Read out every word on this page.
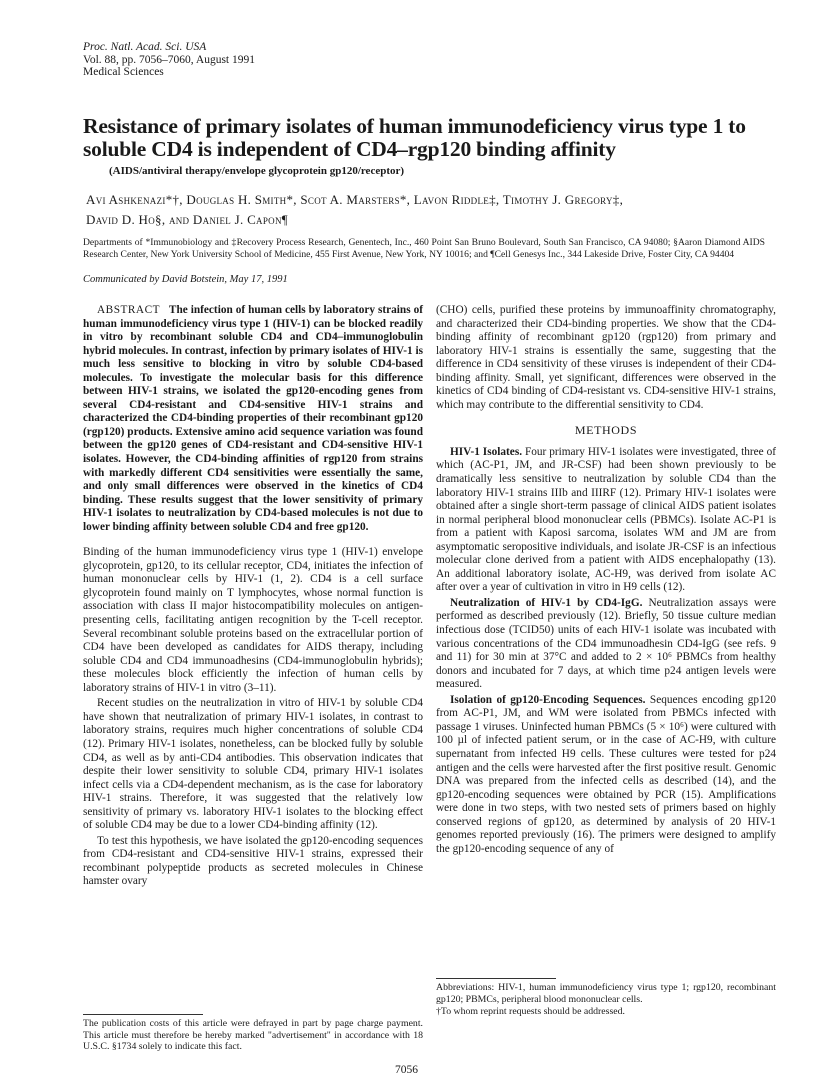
Proc. Natl. Acad. Sci. USA
Vol. 88, pp. 7056–7060, August 1991
Medical Sciences
Resistance of primary isolates of human immunodeficiency virus type 1 to soluble CD4 is independent of CD4–rgp120 binding affinity
(AIDS/antiviral therapy/envelope glycoprotein gp120/receptor)
Avi Ashkenazi*†, Douglas H. Smith*, Scot A. Marsters*, Lavon Riddle‡, Timothy J. Gregory‡,
David D. Ho§, and Daniel J. Capon¶
Departments of *Immunobiology and ‡Recovery Process Research, Genentech, Inc., 460 Point San Bruno Boulevard, South San Francisco, CA 94080; §Aaron Diamond AIDS Research Center, New York University School of Medicine, 455 First Avenue, New York, NY 10016; and ¶Cell Genesys Inc., 344 Lakeside Drive, Foster City, CA 94404
Communicated by David Botstein, May 17, 1991

ABSTRACT The infection of human cells by laboratory strains of human immunodeficiency virus type 1 (HIV-1) can be blocked readily in vitro by recombinant soluble CD4 and CD4–immunoglobulin hybrid molecules. In contrast, infection by primary isolates of HIV-1 is much less sensitive to blocking in vitro by soluble CD4-based molecules. To investigate the molecular basis for this difference between HIV-1 strains, we isolated the gp120-encoding genes from several CD4-resistant and CD4-sensitive HIV-1 strains and characterized the CD4-binding properties of their recombinant gp120 (rgp120) products. Extensive amino acid sequence variation was found between the gp120 genes of CD4-resistant and CD4-sensitive HIV-1 isolates. However, the CD4-binding affinities of rgp120 from strains with markedly different CD4 sensitivities were essentially the same, and only small differences were observed in the kinetics of CD4 binding. These results suggest that the lower sensitivity of primary HIV-1 isolates to neutralization by CD4-based molecules is not due to lower binding affinity between soluble CD4 and free gp120.

Binding of the human immunodeficiency virus type 1 (HIV-1) envelope glycoprotein, gp120, to its cellular receptor, CD4, initiates the infection of human mononuclear cells by HIV-1 (1, 2). CD4 is a cell surface glycoprotein found mainly on T lymphocytes, whose normal function is association with class II major histocompatibility molecules on antigen-presenting cells, facilitating antigen recognition by the T-cell receptor. Several recombinant soluble proteins based on the extracellular portion of CD4 have been developed as candidates for AIDS therapy, including soluble CD4 and CD4 immunoadhesins (CD4-immunoglobulin hybrids); these molecules block efficiently the infection of human cells by laboratory strains of HIV-1 in vitro (3–11).

Recent studies on the neutralization in vitro of HIV-1 by soluble CD4 have shown that neutralization of primary HIV-1 isolates, in contrast to laboratory strains, requires much higher concentrations of soluble CD4 (12). Primary HIV-1 isolates, nonetheless, can be blocked fully by soluble CD4, as well as by anti-CD4 antibodies. This observation indicates that despite their lower sensitivity to soluble CD4, primary HIV-1 isolates infect cells via a CD4-dependent mechanism, as is the case for laboratory HIV-1 strains. Therefore, it was suggested that the relatively low sensitivity of primary vs. laboratory HIV-1 isolates to the blocking effect of soluble CD4 may be due to a lower CD4-binding affinity (12).

To test this hypothesis, we have isolated the gp120-encoding sequences from CD4-resistant and CD4-sensitive HIV-1 strains, expressed their recombinant polypeptide products as secreted molecules in Chinese hamster ovary

The publication costs of this article were defrayed in part by page charge payment. This article must therefore be hereby marked "advertisement" in accordance with 18 U.S.C. §1734 solely to indicate this fact.

(CHO) cells, purified these proteins by immunoaffinity chromatography, and characterized their CD4-binding properties. We show that the CD4-binding affinity of recombinant gp120 (rgp120) from primary and laboratory HIV-1 strains is essentially the same, suggesting that the difference in CD4 sensitivity of these viruses is independent of their CD4-binding affinity. Small, yet significant, differences were observed in the kinetics of CD4 binding of CD4-resistant vs. CD4-sensitive HIV-1 strains, which may contribute to the differential sensitivity to CD4.

METHODS

HIV-1 Isolates. Four primary HIV-1 isolates were investigated, three of which (AC-P1, JM, and JR-CSF) had been shown previously to be dramatically less sensitive to neutralization by soluble CD4 than the laboratory HIV-1 strains IIIb and IIIRF (12). Primary HIV-1 isolates were obtained after a single short-term passage of clinical AIDS patient isolates in normal peripheral blood mononuclear cells (PBMCs). Isolate AC-P1 is from a patient with Kaposi sarcoma, isolates WM and JM are from asymptomatic seropositive individuals, and isolate JR-CSF is an infectious molecular clone derived from a patient with AIDS encephalopathy (13). An additional laboratory isolate, AC-H9, was derived from isolate AC after over a year of cultivation in vitro in H9 cells (12).

Neutralization of HIV-1 by CD4-IgG. Neutralization assays were performed as described previously (12). Briefly, 50 tissue culture median infectious dose (TCID50) units of each HIV-1 isolate was incubated with various concentrations of the CD4 immunoadhesin CD4-IgG (see refs. 9 and 11) for 30 min at 37°C and added to 2 × 10⁶ PBMCs from healthy donors and incubated for 7 days, at which time p24 antigen levels were measured.

Isolation of gp120-Encoding Sequences. Sequences encoding gp120 from AC-P1, JM, and WM were isolated from PBMCs infected with passage 1 viruses. Uninfected human PBMCs (5 × 10⁶) were cultured with 100 µl of infected patient serum, or in the case of AC-H9, with culture supernatant from infected H9 cells. These cultures were tested for p24 antigen and the cells were harvested after the first positive result. Genomic DNA was prepared from the infected cells as described (14), and the gp120-encoding sequences were obtained by PCR (15). Amplifications were done in two steps, with two nested sets of primers based on highly conserved regions of gp120, as determined by analysis of 20 HIV-1 genomes reported previously (16). The primers were designed to amplify the gp120-encoding sequence of any of

Abbreviations: HIV-1, human immunodeficiency virus type 1; rgp120, recombinant gp120; PBMCs, peripheral blood mononuclear cells.
†To whom reprint requests should be addressed.
7056
